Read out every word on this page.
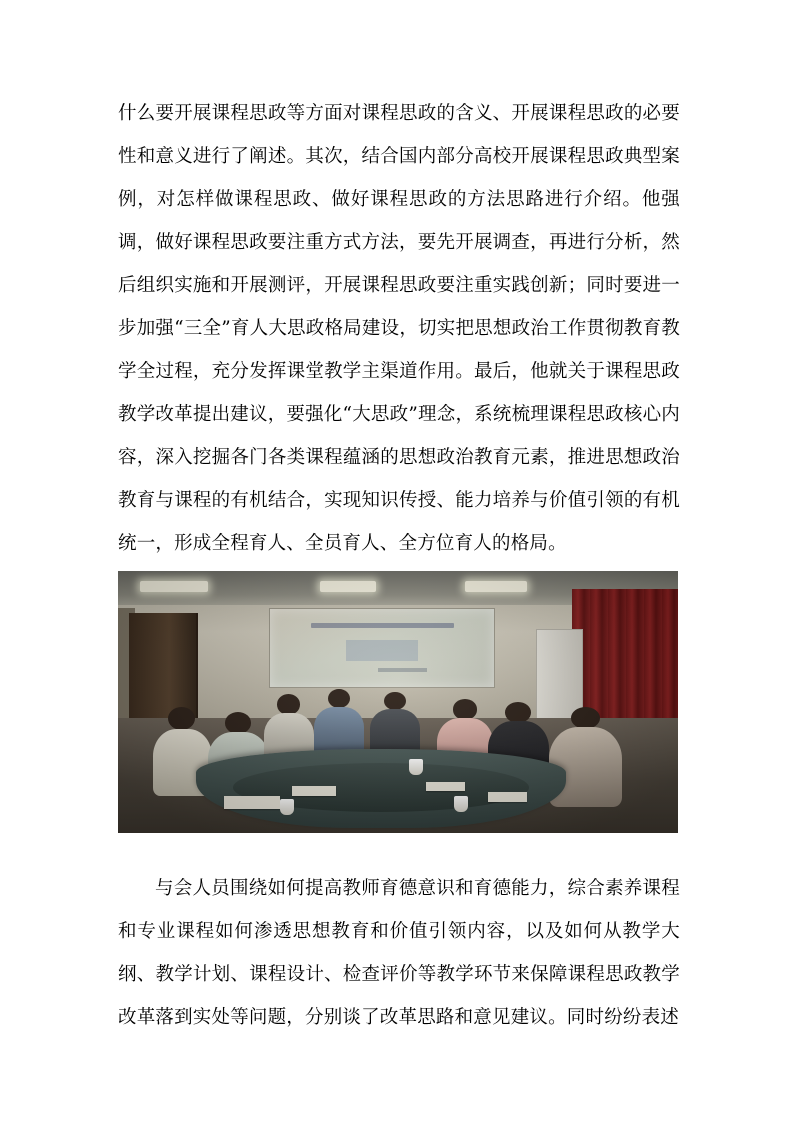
什么要开展课程思政等方面对课程思政的含义、开展课程思政的必要性和意义进行了阐述。其次，结合国内部分高校开展课程思政典型案例，对怎样做课程思政、做好课程思政的方法思路进行介绍。他强调，做好课程思政要注重方式方法，要先开展调查，再进行分析，然后组织实施和开展测评，开展课程思政要注重实践创新；同时要进一步加强“三全”育人大思政格局建设，切实把思想政治工作贯彻教育教学全过程，充分发挥课堂教学主渠道作用。最后，他就关于课程思政教学改革提出建议，要强化“大思政”理念，系统梳理课程思政核心内容，深入挖掘各门各类课程蕴涵的思想政治教育元素，推进思想政治教育与课程的有机结合，实现知识传授、能力培养与价值引领的有机统一，形成全程育人、全员育人、全方位育人的格局。

与会人员围绕如何提高教师育德意识和育德能力，综合素养课程和专业课程如何渗透思想教育和价值引领内容，以及如何从教学大纲、教学计划、课程设计、检查评价等教学环节来保障课程思政教学改革落到实处等问题，分别谈了改革思路和意见建议。同时纷纷表述
